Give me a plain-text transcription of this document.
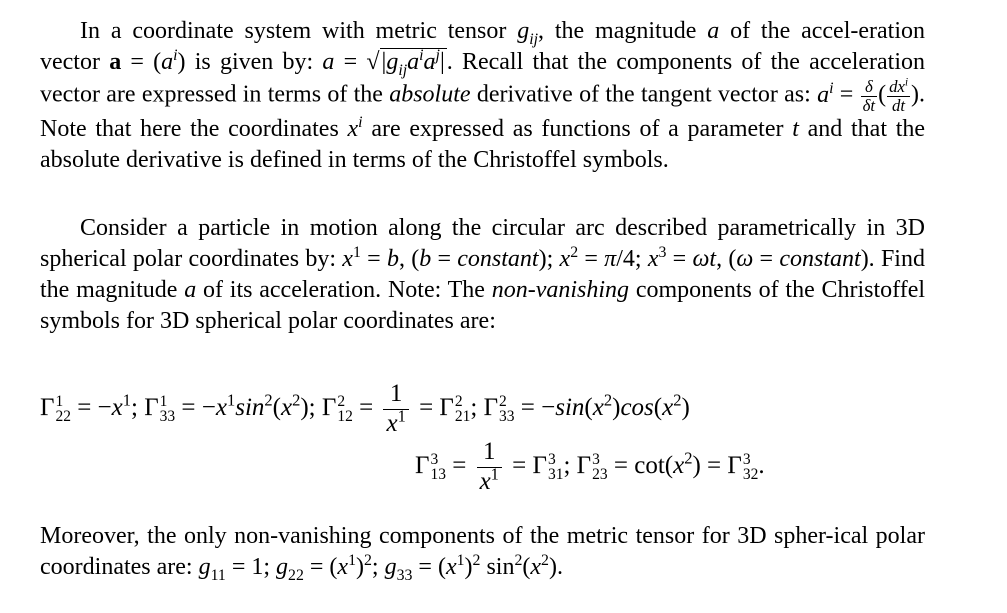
In a coordinate system with metric tensor $g_{ij}$, the magnitude a of the accel-eration vector $a = (a^i)$ is given by: $a = √|g_{ij}a^ia^j|$. Recall that the components of the acceleration vector are expressed in terms of the absolute derivative of the tangent vector as: $a^i = \frac{\delta}{\delta t}$ ( $\frac{dx^i}{dt}$ ). Note that here the coordinates $x^i$ are expressed as functions of a parameter t and that the absolute derivative is defined in terms of the Christoffel symbols.
Consider a particle in motion along the circular arc described parametrically in 3D spherical polar coordinates by: $x^1 = b$, (b = constant); $x^2 = \pi/4$; $x^3 = \omega t$, (ω = constant). Find the magnitude a of its acceleration. Note: The non-vanishing components of the Christoffel symbols for 3D spherical polar coordinates are:
Γ 1
$22 = -x^1$; Γ 1
$33 = -x^1\sin^2(x^2)$; Γ 2
$12 = \frac{1}{x^1} = \Gamma$ 2
21 ; Γ 2
$33 = -\sin(x^2)\cos(x^2)$
Γ 3
$13 = \frac{1}{x^1} = \Gamma$ 3
31 ; Γ 3
$23 = \cot(x^2) = \Gamma$ 3
32 .
Moreover, the only non-vanishing components of the metric tensor for 3D spher-ical polar coordinates are: $g_{11} = 1$; $g_{22} = (x^1)^2$; $g_{33} = (x^1)^2$ $\sin^2(x^2)$.
